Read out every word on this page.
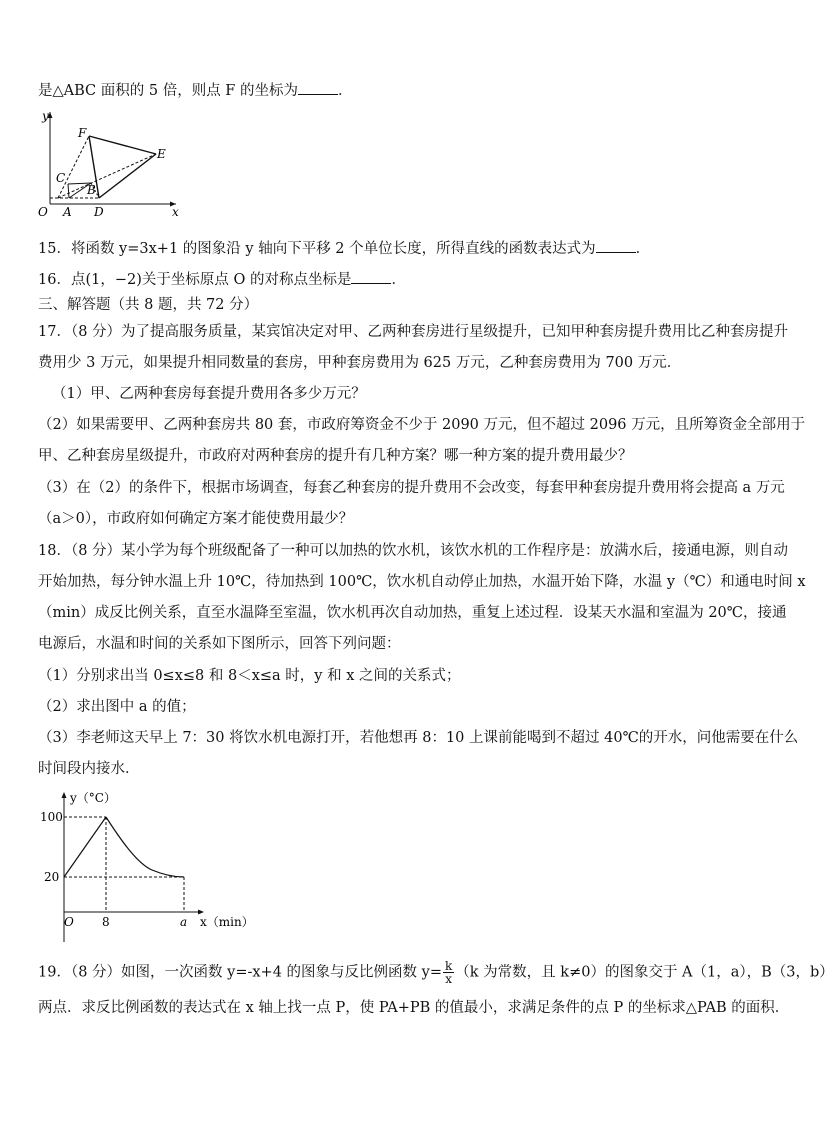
是△ABC 面积的 5 倍，则点 F 的坐标为	．
y
x
O A D
B
C
F
E
15．将函数 y=3x+1 的图象沿 y 轴向下平移 2 个单位长度，所得直线的函数表达式为	．
16．点(1，−2)关于坐标原点 O 的对称点坐标是	．
三、解答题（共 8 题，共 72 分）
17．（8 分）为了提高服务质量，某宾馆决定对甲、乙两种套房进行星级提升，已知甲种套房提升费用比乙种套房提升
费用少 3 万元，如果提升相同数量的套房，甲种套房费用为 625 万元，乙种套房费用为 700 万元．
（1）甲、乙两种套房每套提升费用各多少万元？
（2）如果需要甲、乙两种套房共 80 套，市政府筹资金不少于 2090 万元，但不超过 2096 万元，且所筹资金全部用于
甲、乙种套房星级提升，市政府对两种套房的提升有几种方案？哪一种方案的提升费用最少？
（3）在（2）的条件下，根据市场调查，每套乙种套房的提升费用不会改变，每套甲种套房提升费用将会提高 a 万元
（a＞0），市政府如何确定方案才能使费用最少？
18．（8 分）某小学为每个班级配备了一种可以加热的饮水机，该饮水机的工作程序是：放满水后，接通电源，则自动
开始加热，每分钟水温上升 10℃，待加热到 100℃，饮水机自动停止加热，水温开始下降，水温 y（℃）和通电时间 x
（min）成反比例关系，直至水温降至室温，饮水机再次自动加热，重复上述过程．设某天水温和室温为 20℃，接通
电源后，水温和时间的关系如下图所示，回答下列问题：
（1）分别求出当 0≤x≤8 和 8＜x≤a 时，y 和 x 之间的关系式；
（2）求出图中 a 的值；
（3）李老师这天早上 7：30 将饮水机电源打开，若他想再 8：10 上课前能喝到不超过 40℃的开水，问他需要在什么
时间段内接水．
y（°C）
x（min）
100
20
O 8	a
19．（8 分）如图，一次函数 y=-x+4 的图象与反比例函数 $y= \frac{k}{x} (k$ 为常数，且 k≠0）的图象交于 A（1，a），B（3，b）
两点．求反比例函数的表达式在 x 轴上找一点 P，使 PA+PB 的值最小，求满足条件的点 P 的坐标求△PAB 的面积．
